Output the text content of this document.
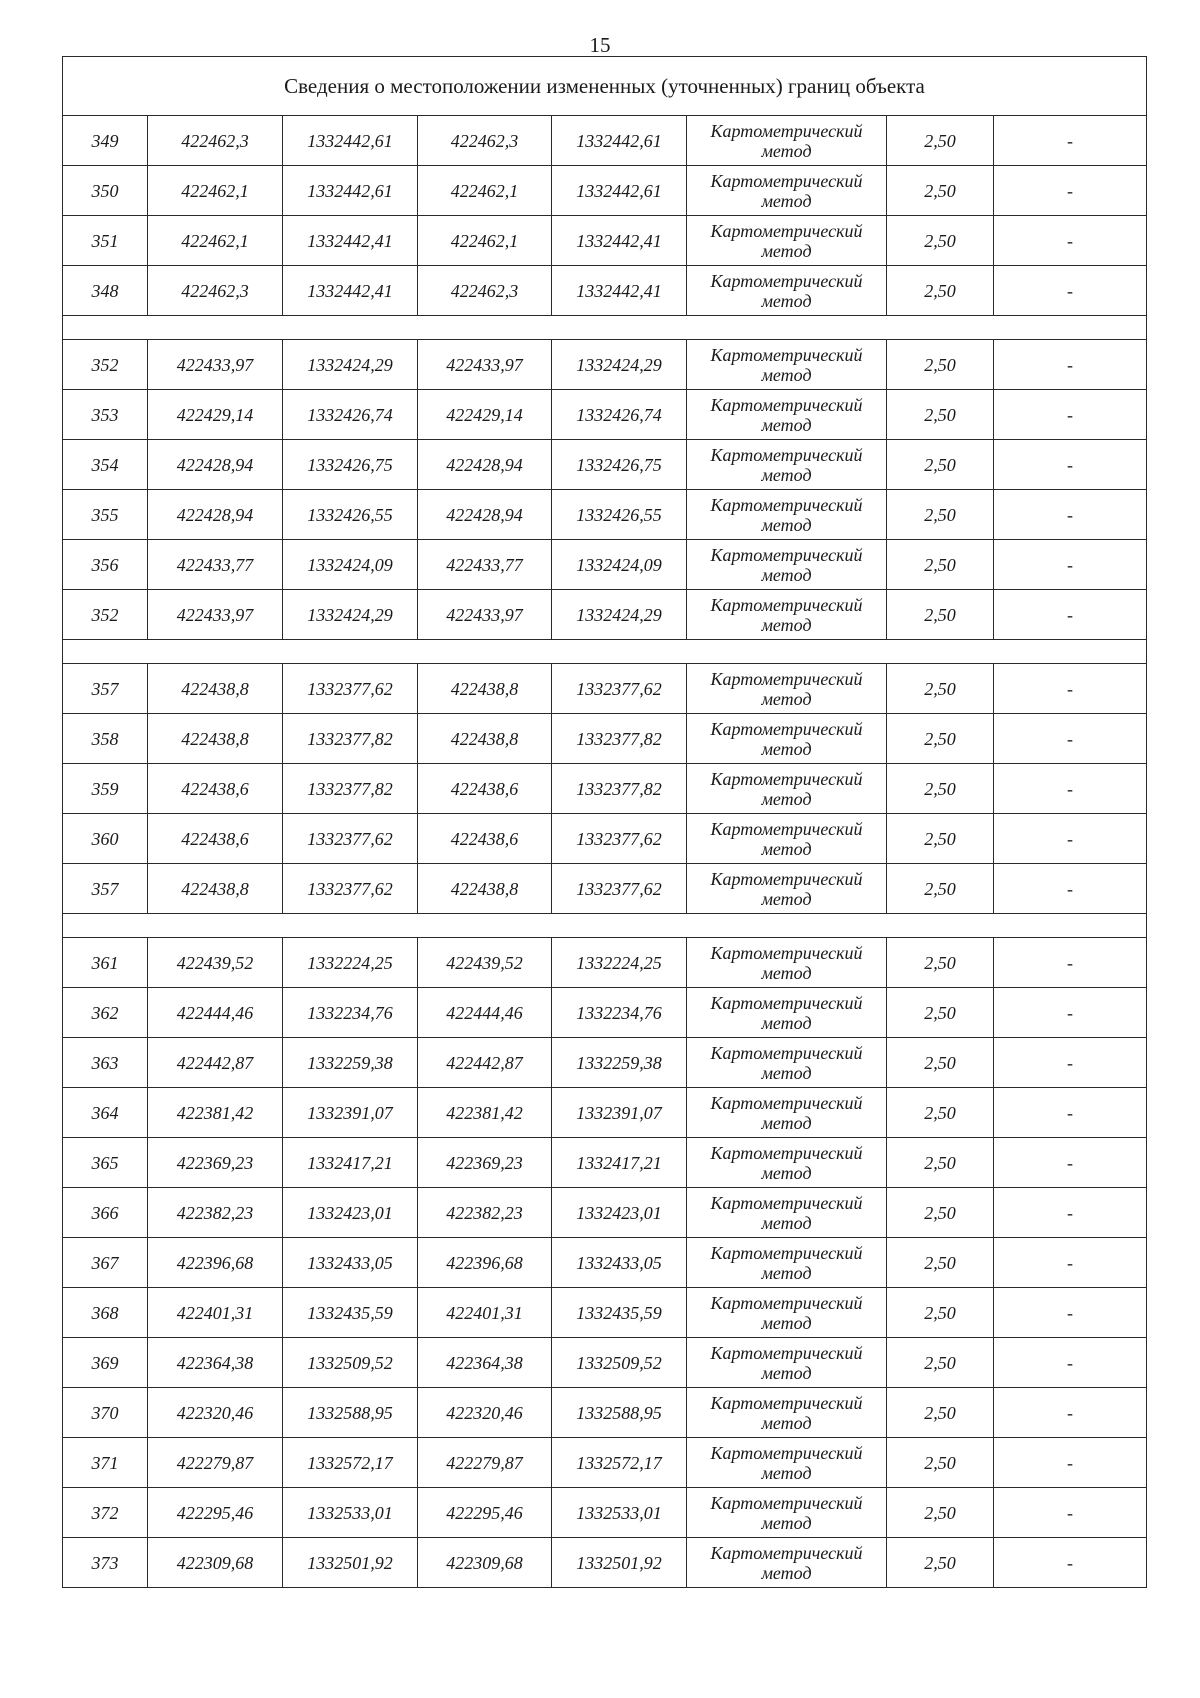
15
Сведения о местоположении измененных (уточненных) границ объекта							
349	422462,3	1332442,61	422462,3	1332442,61	Картометрический
метод	2,50	-
350	422462,1	1332442,61	422462,1	1332442,61	Картометрический
метод	2,50	-
351	422462,1	1332442,41	422462,1	1332442,41	Картометрический
метод	2,50	-
348	422462,3	1332442,41	422462,3	1332442,41	Картометрический
метод	2,50	-

352	422433,97	1332424,29	422433,97	1332424,29	Картометрический
метод	2,50	-
353	422429,14	1332426,74	422429,14	1332426,74	Картометрический
метод	2,50	-
354	422428,94	1332426,75	422428,94	1332426,75	Картометрический
метод	2,50	-
355	422428,94	1332426,55	422428,94	1332426,55	Картометрический
метод	2,50	-
356	422433,77	1332424,09	422433,77	1332424,09	Картометрический
метод	2,50	-
352	422433,97	1332424,29	422433,97	1332424,29	Картометрический
метод	2,50	-

357	422438,8	1332377,62	422438,8	1332377,62	Картометрический
метод	2,50	-
358	422438,8	1332377,82	422438,8	1332377,82	Картометрический
метод	2,50	-
359	422438,6	1332377,82	422438,6	1332377,82	Картометрический
метод	2,50	-
360	422438,6	1332377,62	422438,6	1332377,62	Картометрический
метод	2,50	-
357	422438,8	1332377,62	422438,8	1332377,62	Картометрический
метод	2,50	-

361	422439,52	1332224,25	422439,52	1332224,25	Картометрический
метод	2,50	-
362	422444,46	1332234,76	422444,46	1332234,76	Картометрический
метод	2,50	-
363	422442,87	1332259,38	422442,87	1332259,38	Картометрический
метод	2,50	-
364	422381,42	1332391,07	422381,42	1332391,07	Картометрический
метод	2,50	-
365	422369,23	1332417,21	422369,23	1332417,21	Картометрический
метод	2,50	-
366	422382,23	1332423,01	422382,23	1332423,01	Картометрический
метод	2,50	-
367	422396,68	1332433,05	422396,68	1332433,05	Картометрический
метод	2,50	-
368	422401,31	1332435,59	422401,31	1332435,59	Картометрический
метод	2,50	-
369	422364,38	1332509,52	422364,38	1332509,52	Картометрический
метод	2,50	-
370	422320,46	1332588,95	422320,46	1332588,95	Картометрический
метод	2,50	-
371	422279,87	1332572,17	422279,87	1332572,17	Картометрический
метод	2,50	-
372	422295,46	1332533,01	422295,46	1332533,01	Картометрический
метод	2,50	-
373	422309,68	1332501,92	422309,68	1332501,92	Картометрический
метод	2,50	-
